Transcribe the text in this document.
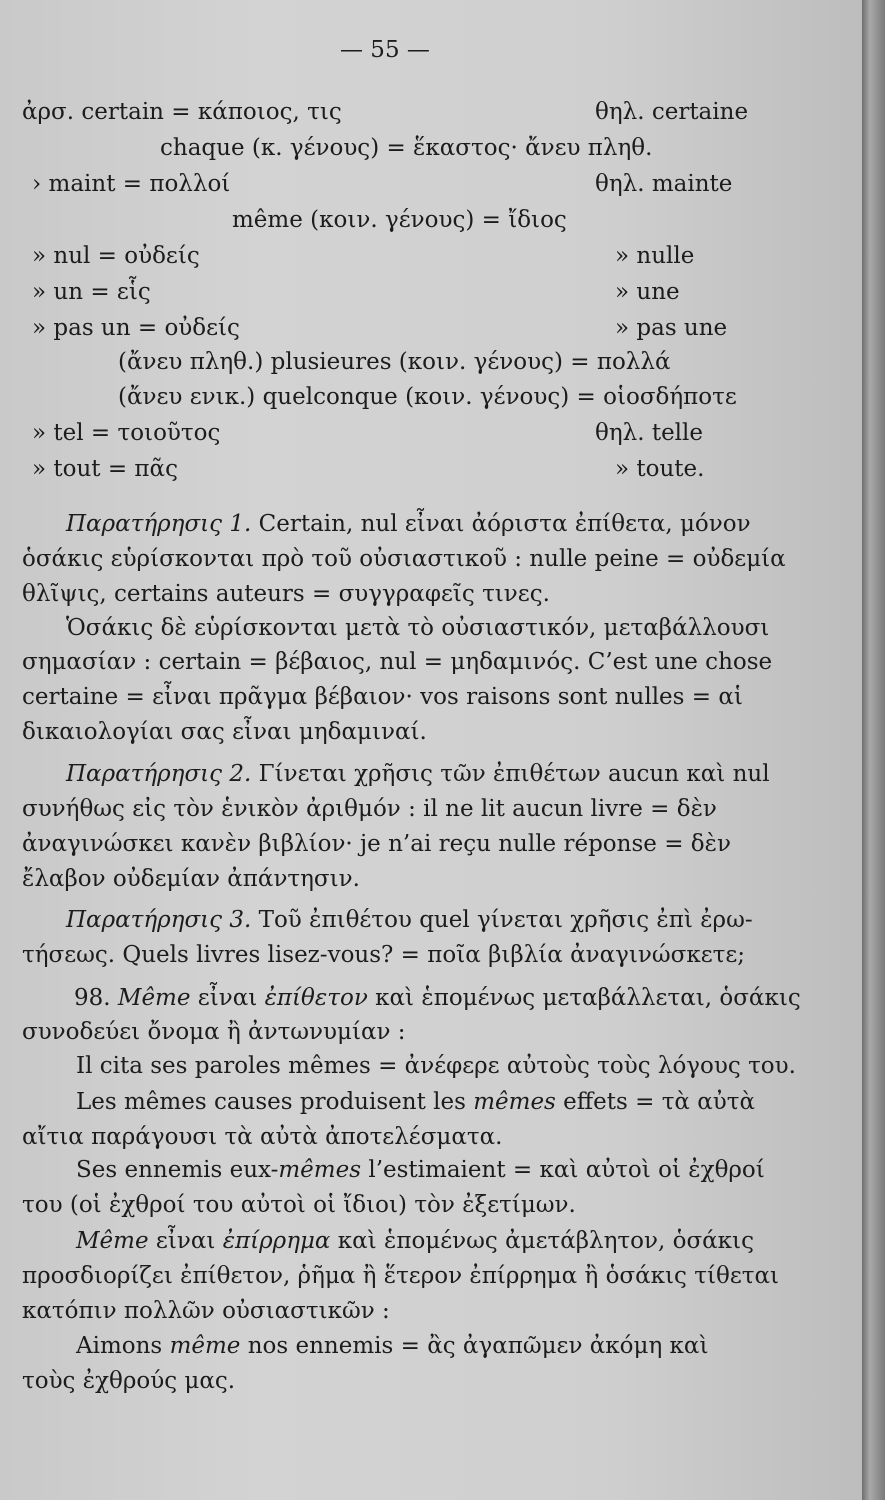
— 55 —
ἀρσ. certain = κάποιος, τις	θηλ. certaine
chaque (κ. γένους) = ἕκαστος· ἄνευ πληθ.
› maint = πολλοί	θηλ. mainte
même (κοιν. γένους) = ἴδιος
» nul = οὐδείς	» nulle
» un = εἷς	» une
» pas un = οὐδείς	» pas une
(ἄνευ πληθ.) plusieures (κοιν. γένους) = πολλά
(ἄνευ ενικ.) quelconque (κοιν. γένους) = οἱοσδήποτε
» tel = τοιοῦτος	θηλ. telle
» tout = πᾶς	» toute.
Παρατήρησις 1. Certain, nul εἶναι ἀόριστα ἐπίθετα, μόνον
ὁσάκις εὑρίσκονται πρὸ τοῦ οὐσιαστικοῦ : nulle peine = οὐδεμία
θλῖψις, certains auteurs = συγγραφεῖς τινες.
Ὁσάκις δὲ εὑρίσκονται μετὰ τὸ οὐσιαστικόν, μεταβάλλουσι
σημασίαν : certain = βέβαιος, nul = μηδαμινός. C’est une chose
certaine = εἶναι πρᾶγμα βέβαιον· vos raisons sont nulles = αἱ
δικαιολογίαι σας εἶναι μηδαμιναί.
Παρατήρησις 2. Γίνεται χρῆσις τῶν ἐπιθέτων aucun καὶ nul
συνήθως εἰς τὸν ἑνικὸν ἀριθμόν : il ne lit aucun livre = δὲν
ἀναγινώσκει κανὲν βιβλίον· je n’ai reçu nulle réponse = δὲν
ἔλαβον οὐδεμίαν ἀπάντησιν.
Παρατήρησις 3. Τοῦ ἐπιθέτου quel γίνεται χρῆσις ἐπὶ ἐρω-
τήσεως. Quels livres lisez-vous? = ποῖα βιβλία ἀναγινώσκετε;
98. Même εἶναι ἐπίθετον καὶ ἑπομένως μεταβάλλεται, ὁσάκις
συνοδεύει ὄνομα ἢ ἀντωνυμίαν :
Il cita ses paroles mêmes = ἀνέφερε αὐτοὺς τοὺς λόγους του.
Les mêmes causes produisent les mêmes effets = τὰ αὐτὰ
αἴτια παράγουσι τὰ αὐτὰ ἀποτελέσματα.
Ses ennemis eux-mêmes l’estimaient = καὶ αὐτοὶ οἱ ἐχθροί
του (οἱ ἐχθροί του αὐτοὶ οἱ ἴδιοι) τὸν ἐξετίμων.
Même εἶναι ἐπίρρημα καὶ ἑπομένως ἀμετάβλητον, ὁσάκις
προσδιορίζει ἐπίθετον, ῥῆμα ἢ ἕτερον ἐπίρρημα ἢ ὁσάκις τίθεται
κατόπιν πολλῶν οὐσιαστικῶν :
Aimons même nos ennemis = ἂς ἀγαπῶμεν ἀκόμη καὶ
τοὺς ἐχθρούς μας.
